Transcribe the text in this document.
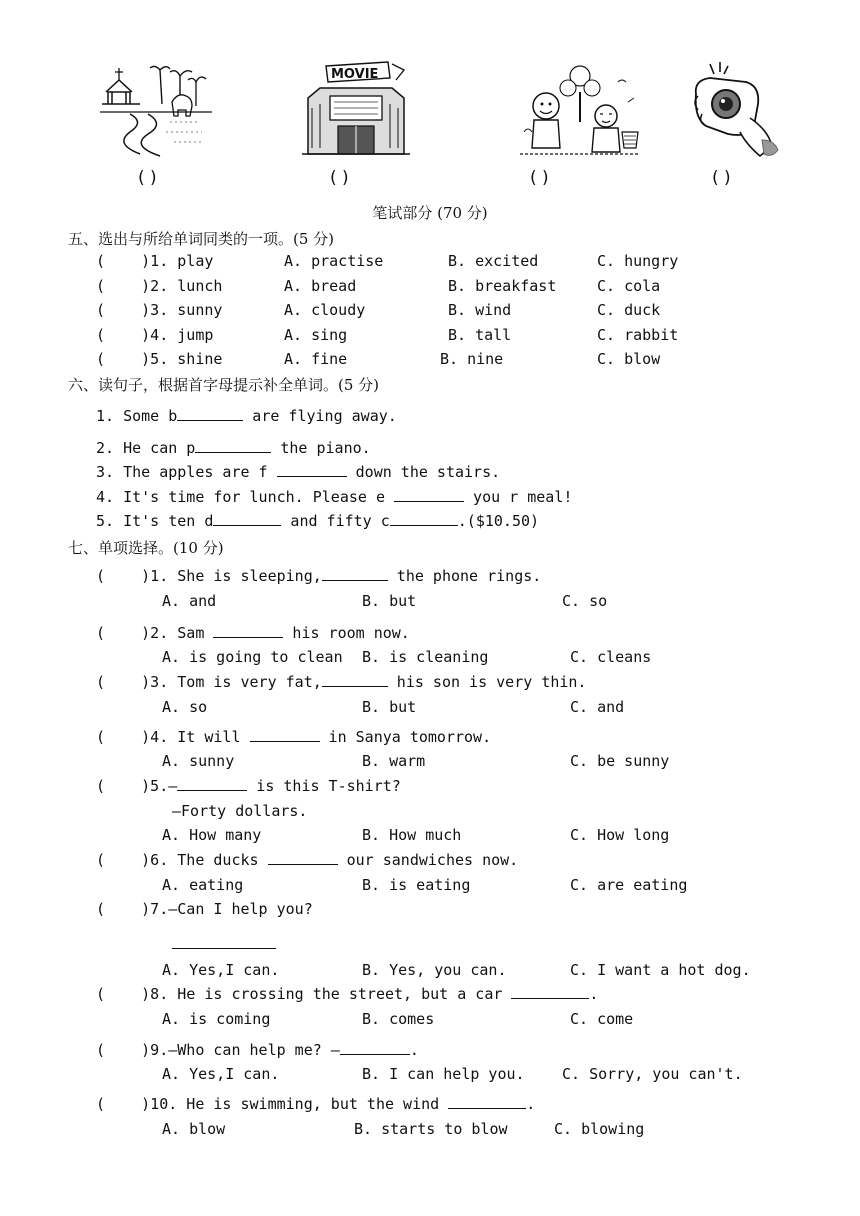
MOVIE
( )	( )	( )	( )
笔试部分 (70 分)
五、选出与所给单词同类的一项。(5 分)
(    )1. play	A. practise	B. excited	C. hungry
(    )2. lunch	A. bread	B. breakfast	C. cola
(    )3. sunny	A. cloudy	B. wind	C. duck
(    )4. jump	A. sing	B. tall	C. rabbit
(    )5. shine	A. fine	B. nine	C. blow
六、读句子，根据首字母提示补全单词。(5 分)
1. Some b	are flying away.
2. He can p	the piano.
3. The apples are f	down the stairs.
4. It's time for lunch. Please e	you r meal!
5. It's ten d	and fifty c	.($10.50)
七、单项选择。(10 分)
(    )1. She is sleeping,	the phone rings.
A. and	B. but	C. so
(    )2. Sam	his room now.
A. is going to clean B. is cleaning	C. cleans
(    )3. Tom is very fat,	his son is very thin.
A. so	B. but	C. and
(    )4. It will	in Sanya tomorrow.
A. sunny	B. warm	C. be sunny
(    )5.—	is this T-shirt?
—Forty dollars.
A. How many	B. How much	C. How long
(    )6. The ducks	our sandwiches now.
A. eating	B. is eating	C. are eating
(    )7.—Can I help you?
A. Yes,I can.	B. Yes, you can.	C. I want a hot dog.
(    )8. He is crossing the street, but a car	.
A. is coming	B. comes	C. come
(    )9.—Who can help me? —	.
A. Yes,I can.	B. I can help you. C. Sorry, you can't.
(    )10. He is swimming, but the wind	.
A. blow	B. starts to blow	C. blowing
